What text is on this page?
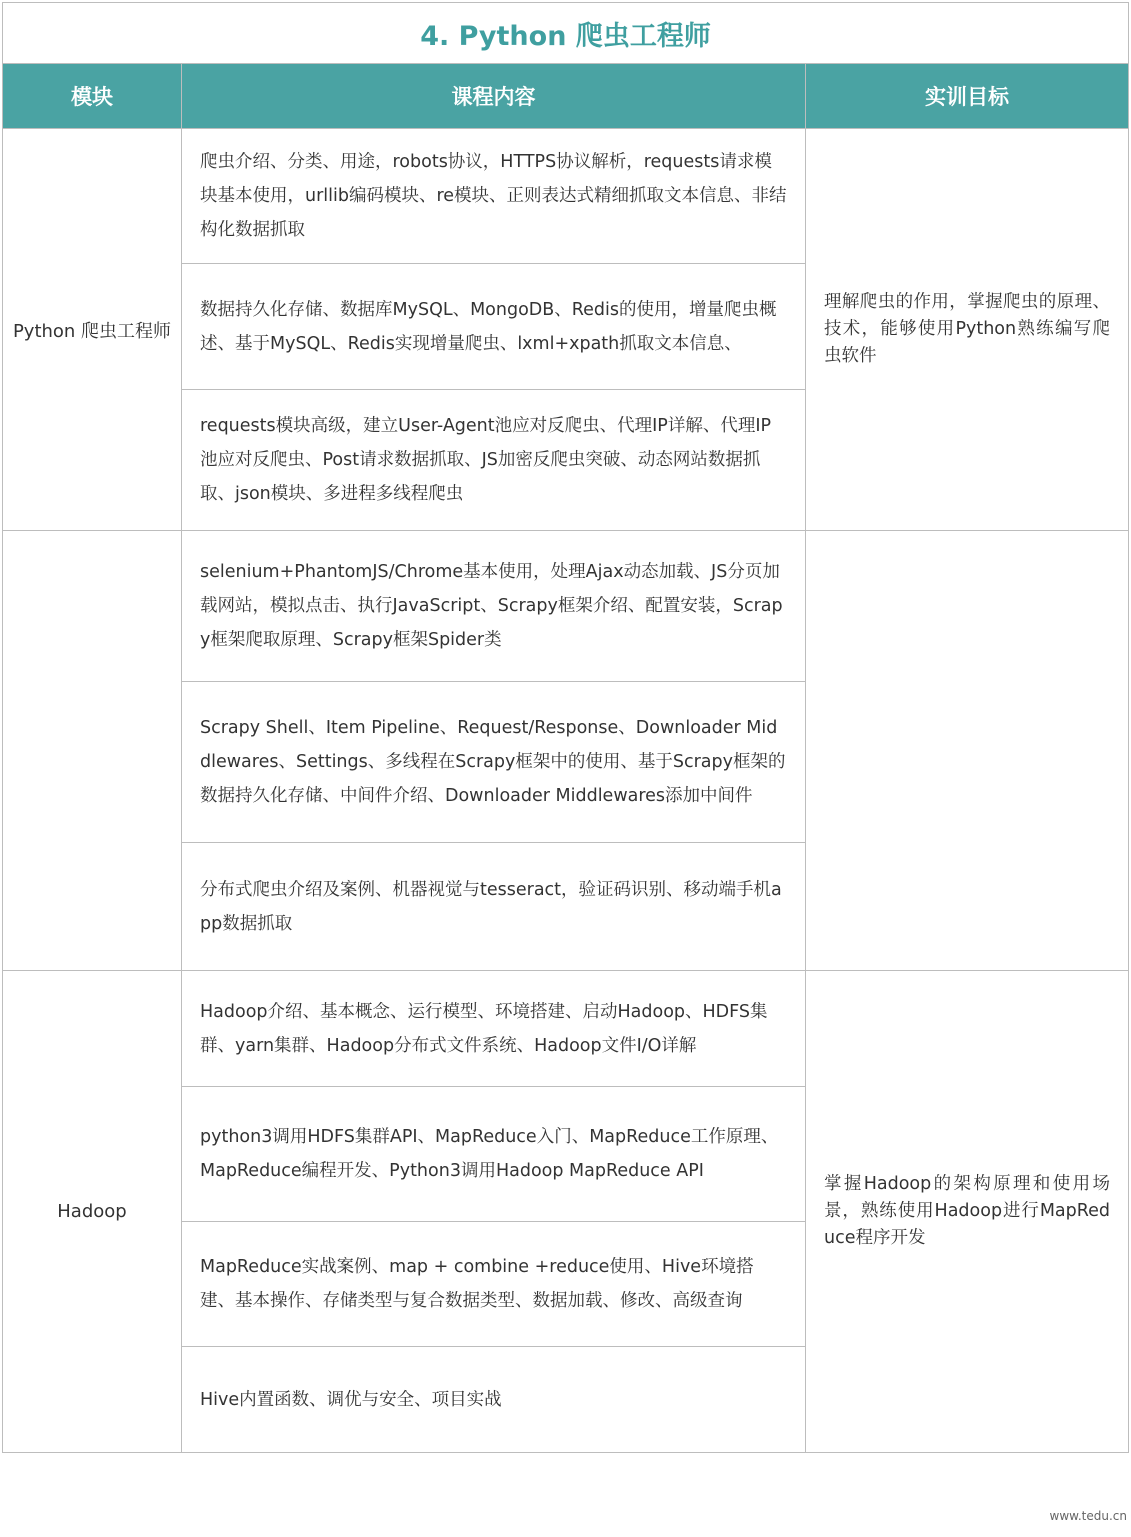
4. Python 爬虫工程师		
模块	课程内容	实训目标
Python 爬虫工程师	爬虫介绍、分类、用途，robots协议，HTTPS协议解析，requests请求模块基本使用，urllib编码模块、re模块、正则表达式精细抓取文本信息、非结构化数据抓取	理解爬虫的作用，掌握爬虫的原理、技术，能够使用Python熟练编写爬虫软件
	数据持久化存储、数据库MySQL、MongoDB、Redis的使用，增量爬虫概述、基于MySQL、Redis实现增量爬虫、lxml+xpath抓取文本信息、	
	requests模块高级，建立User-Agent池应对反爬虫、代理IP详解、代理IP池应对反爬虫、Post请求数据抓取、JS加密反爬虫突破、动态网站数据抓取、json模块、多进程多线程爬虫	
	selenium+PhantomJS/Chrome基本使用，处理Ajax动态加载、JS分页加载网站，模拟点击、执行JavaScript、Scrapy框架介绍、配置安装，Scrapy框架爬取原理、Scrapy框架Spider类	
	Scrapy Shell、Item Pipeline、Request/Response、Downloader Middlewares、Settings、多线程在Scrapy框架中的使用、基于Scrapy框架的数据持久化存储、中间件介绍、Downloader Middlewares添加中间件	
	分布式爬虫介绍及案例、机器视觉与tesseract，验证码识别、移动端手机app数据抓取	
Hadoop	Hadoop介绍、基本概念、运行模型、环境搭建、启动Hadoop、HDFS集群、yarn集群、Hadoop分布式文件系统、Hadoop文件I/O详解	掌握Hadoop的架构原理和使用场景，熟练使用Hadoop进行MapReduce程序开发
	python3调用HDFS集群API、MapReduce入门、MapReduce工作原理、MapReduce编程开发、Python3调用Hadoop MapReduce API	
	MapReduce实战案例、map + combine +reduce使用、Hive环境搭建、基本操作、存储类型与复合数据类型、数据加载、修改、高级查询	
	Hive内置函数、调优与安全、项目实战	
www.tedu.cn
